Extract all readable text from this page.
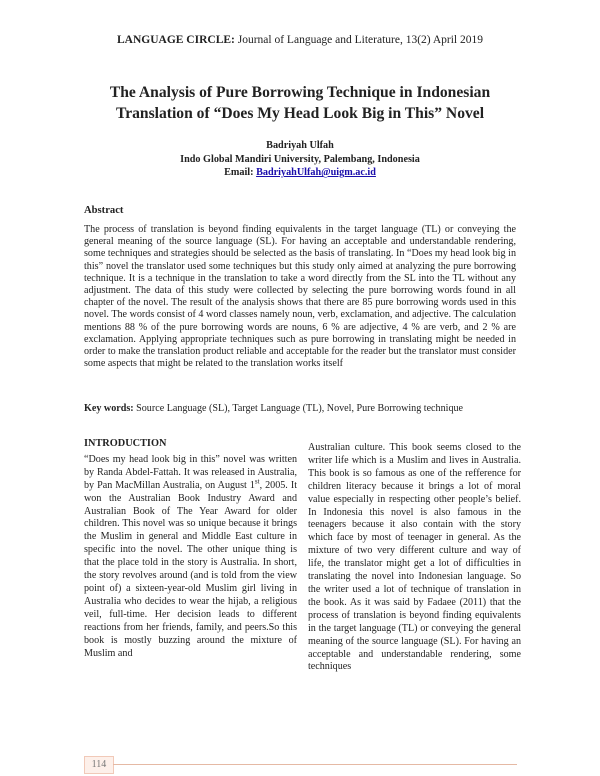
LANGUAGE CIRCLE: Journal of Language and Literature, 13(2) April 2019
The Analysis of Pure Borrowing Technique in Indonesian
Translation of “Does My Head Look Big in This” Novel
Badriyah Ulfah
Indo Global Mandiri University, Palembang, Indonesia
Email: BadriyahUlfah@uigm.ac.id
Abstract

The process of translation is beyond finding equivalents in the target language (TL) or conveying the general meaning of the source language (SL). For having an acceptable and understandable rendering, some techniques and strategies should be selected as the basis of translating. In “Does my head look big in this” novel the translator used some techniques but this study only aimed at analyzing the pure borrowing technique. It is a technique in the translation to take a word directly from the SL into the TL without any adjustment. The data of this study were collected by selecting the pure borrowing words found in all chapter of the novel. The result of the analysis shows that there are 85 pure borrowing words used in this novel. The words consist of 4 word classes namely noun, verb, exclamation, and adjective. The calculation mentions 88 % of the pure borrowing words are nouns, 6 % are adjective, 4 % are verb, and 2 % are exclamation. Applying appropriate techniques such as pure borrowing in translating might be needed in order to make the translation product reliable and acceptable for the reader but the translator must consider some aspects that might be related to the translation works itself

Key words: Source Language (SL), Target Language (TL), Novel, Pure Borrowing technique
INTRODUCTION

“Does my head look big in this” novel was written by Randa Abdel-Fattah. It was released in Australia, by Pan MacMillan Australia, on August 1st, 2005. It won the Australian Book Industry Award and Australian Book of The Year Award for older children. This novel was so unique because it brings the Muslim in general and Middle East culture in specific into the novel. The other unique thing is that the place told in the story is Australia. In short, the story revolves around (and is told from the view point of) a sixteen-year-old Muslim girl living in Australia who decides to wear the hijab, a religious veil, full-time. Her decision leads to different reactions from her friends, family, and peers.So this book is mostly buzzing around the mixture of Muslim and

Australian culture. This book seems closed to the writer life which is a Muslim and lives in Australia. This book is so famous as one of the refference for children literacy because it brings a lot of moral value especially in respecting other people’s belief. In Indonesia this novel is also famous in the teenagers because it also contain with the story which face by most of teenager in general. As the mixture of two very different culture and way of life, the translator might get a lot of difficulties in translating the novel into Indonesian language. So the writer used a lot of technique of translation in the book. As it was said by Fadaee (2011) that the process of translation is beyond finding equivalents in the target language (TL) or conveying the general meaning of the source language (SL). For having an acceptable and understandable rendering, some techniques

114
